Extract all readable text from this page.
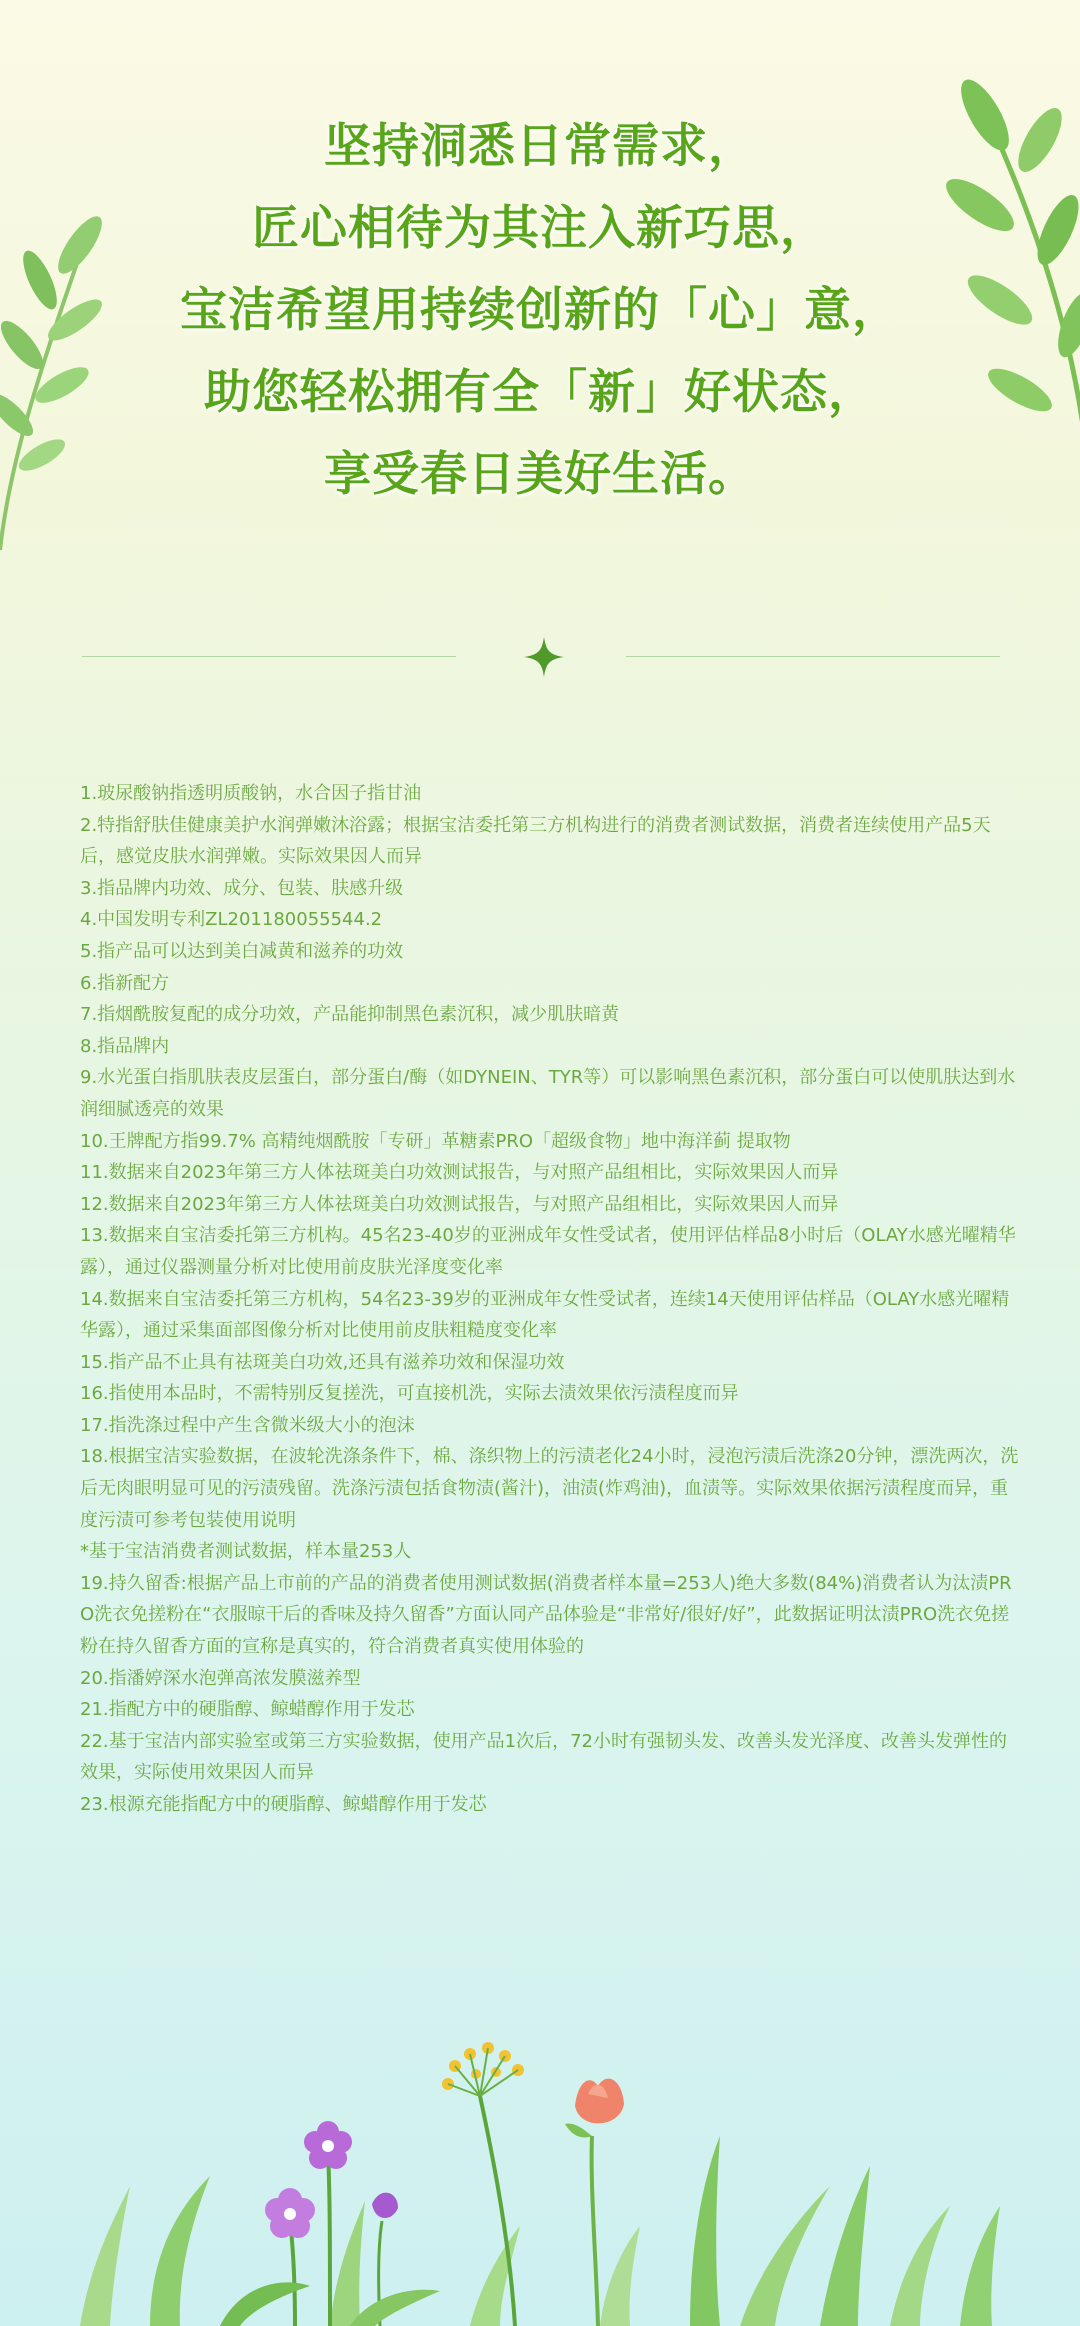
坚持洞悉日常需求，
匠心相待为其注入新巧思，
宝洁希望用持续创新的「心」意，
助您轻松拥有全「新」好状态，
享受春日美好生活。

1.玻尿酸钠指透明质酸钠，水合因子指甘油

2.特指舒肤佳健康美护水润弹嫩沐浴露；根据宝洁委托第三方机构进行的消费者测试数据，消费者连续使用产品5天后，感觉皮肤水润弹嫩。实际效果因人而异

3.指品牌内功效、成分、包装、肤感升级

4.中国发明专利ZL201180055544.2

5.指产品可以达到美白减黄和滋养的功效

6.指新配方

7.指烟酰胺复配的成分功效，产品能抑制黑色素沉积，减少肌肤暗黄

8.指品牌内

9.水光蛋白指肌肤表皮层蛋白，部分蛋白/酶（如DYNEIN、TYR等）可以影响黑色素沉积，部分蛋白可以使肌肤达到水润细腻透亮的效果

10.王牌配方指99.7% 高精纯烟酰胺「专研」革糖素PRO「超级食物」地中海洋蓟 提取物

11.数据来自2023年第三方人体祛斑美白功效测试报告，与对照产品组相比，实际效果因人而异

12.数据来自2023年第三方人体祛斑美白功效测试报告，与对照产品组相比，实际效果因人而异

13.数据来自宝洁委托第三方机构。45名23-40岁的亚洲成年女性受试者，使用评估样品8小时后（OLAY水感光曜精华露），通过仪器测量分析对比使用前皮肤光泽度变化率

14.数据来自宝洁委托第三方机构，54名23-39岁的亚洲成年女性受试者，连续14天使用评估样品（OLAY水感光曜精华露），通过采集面部图像分析对比使用前皮肤粗糙度变化率

15.指产品不止具有祛斑美白功效,还具有滋养功效和保湿功效

16.指使用本品时，不需特别反复搓洗，可直接机洗，实际去渍效果依污渍程度而异

17.指洗涤过程中产生含微米级大小的泡沫

18.根据宝洁实验数据，在波轮洗涤条件下，棉、涤织物上的污渍老化24小时，浸泡污渍后洗涤20分钟，漂洗两次，洗后无肉眼明显可见的污渍残留。洗涤污渍包括食物渍(酱汁)，油渍(炸鸡油)，血渍等。实际效果依据污渍程度而异，重度污渍可参考包装使用说明

*基于宝洁消费者测试数据，样本量253人

19.持久留香:根据产品上市前的产品的消费者使用测试数据(消费者样本量=253人)绝大多数(84%)消费者认为汰渍PRO洗衣免搓粉在“衣服晾干后的香味及持久留香”方面认同产品体验是“非常好/很好/好”，此数据证明汰渍PRO洗衣免搓粉在持久留香方面的宣称是真实的，符合消费者真实使用体验的

20.指潘婷深水泡弹高浓发膜滋养型

21.指配方中的硬脂醇、鲸蜡醇作用于发芯

22.基于宝洁内部实验室或第三方实验数据，使用产品1次后，72小时有强韧头发、改善头发光泽度、改善头发弹性的效果，实际使用效果因人而异

23.根源充能指配方中的硬脂醇、鲸蜡醇作用于发芯
